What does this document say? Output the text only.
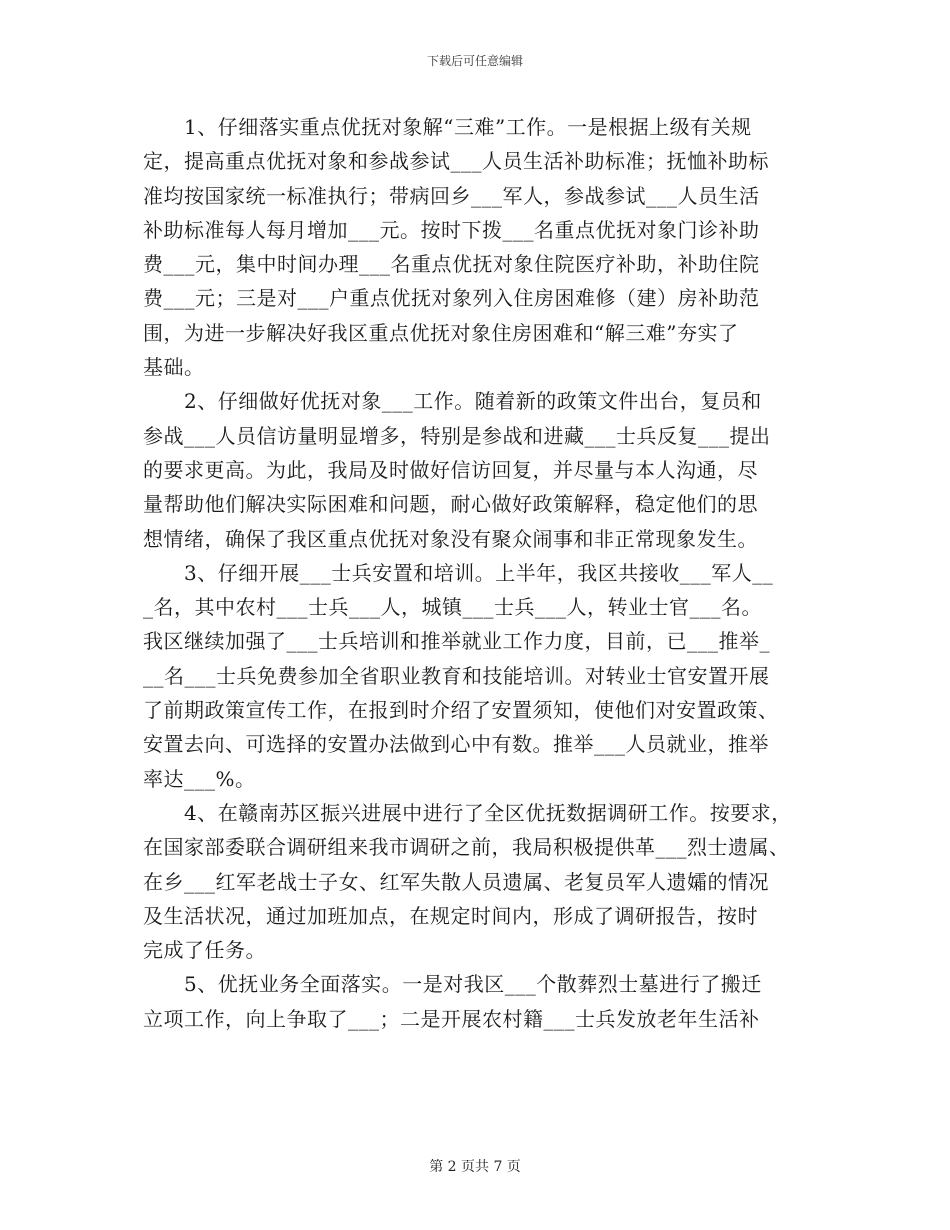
下载后可任意编辑

　　1、仔细落实重点优抚对象解“三难”工作。一是根据上级有关规
定，提高重点优抚对象和参战参试___人员生活补助标准；抚恤补助标
准均按国家统一标准执行；带病回乡___军人，参战参试___人员生活
补助标准每人每月增加___元。按时下拨___名重点优抚对象门诊补助
费___元，集中时间办理___名重点优抚对象住院医疗补助，补助住院
费___元；三是对___户重点优抚对象列入住房困难修（建）房补助范
围，为进一步解决好我区重点优抚对象住房困难和“解三难”夯实了
基础。

　　2、仔细做好优抚对象___工作。随着新的政策文件出台，复员和
参战___人员信访量明显增多，特别是参战和进藏___士兵反复___提出
的要求更高。为此，我局及时做好信访回复，并尽量与本人沟通，尽
量帮助他们解决实际困难和问题，耐心做好政策解释，稳定他们的思
想情绪，确保了我区重点优抚对象没有聚众闹事和非正常现象发生。

　　3、仔细开展___士兵安置和培训。上半年，我区共接收___军人__
_名，其中农村___士兵___人，城镇___士兵___人，转业士官___名。
我区继续加强了___士兵培训和推举就业工作力度，目前，已___推举_
__名___士兵免费参加全省职业教育和技能培训。对转业士官安置开展
了前期政策宣传工作，在报到时介绍了安置须知，使他们对安置政策、
安置去向、可选择的安置办法做到心中有数。推举___人员就业，推举
率达___%。

　　4、在赣南苏区振兴进展中进行了全区优抚数据调研工作。按要求，
在国家部委联合调研组来我市调研之前，我局积极提供革___烈士遗属、
在乡___红军老战士子女、红军失散人员遗属、老复员军人遗孀的情况
及生活状况，通过加班加点，在规定时间内，形成了调研报告，按时
完成了任务。

　　5、优抚业务全面落实。一是对我区___个散葬烈士墓进行了搬迁
立项工作，向上争取了___；二是开展农村籍___士兵发放老年生活补

第 2 页共 7 页
